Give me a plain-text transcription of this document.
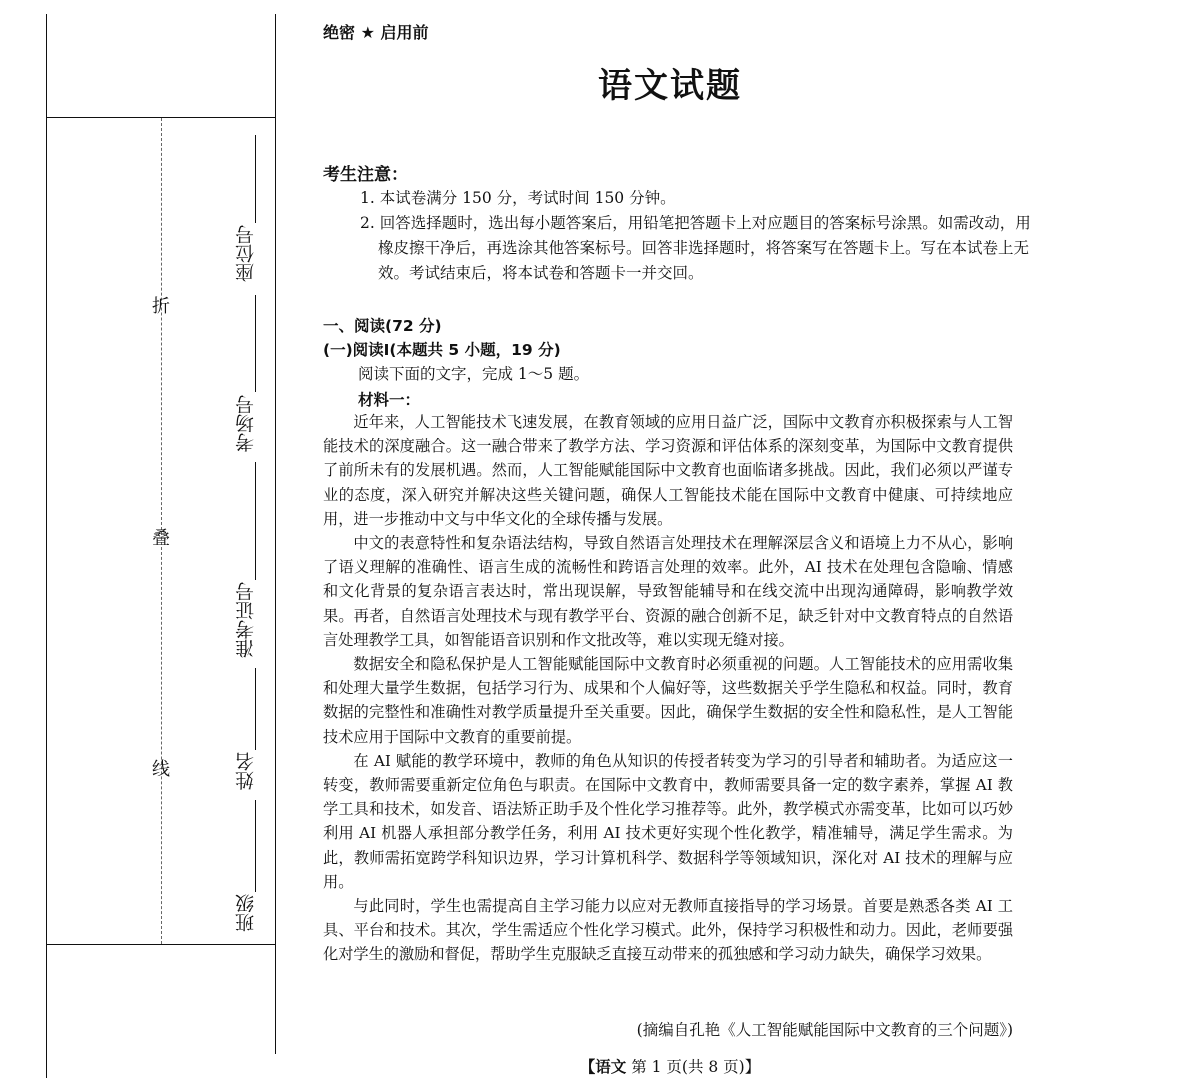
折
叠
线
座位号
考场号
准考证号
姓名
班级
绝密 ★ 启用前
语文试题
考生注意：
1. 本试卷满分 150 分，考试时间 150 分钟。
2. 回答选择题时，选出每小题答案后，用铅笔把答题卡上对应题目的答案标号涂黑。如需改动，用橡皮擦干净后，再选涂其他答案标号。回答非选择题时，将答案写在答题卡上。写在本试卷上无效。考试结束后，将本试卷和答题卡一并交回。
一、阅读(72 分)
(一)阅读Ⅰ(本题共 5 小题，19 分)
阅读下面的文字，完成 1～5 题。
材料一：

近年来，人工智能技术飞速发展，在教育领域的应用日益广泛，国际中文教育亦积极探索与人工智能技术的深度融合。这一融合带来了教学方法、学习资源和评估体系的深刻变革，为国际中文教育提供了前所未有的发展机遇。然而，人工智能赋能国际中文教育也面临诸多挑战。因此，我们必须以严谨专业的态度，深入研究并解决这些关键问题，确保人工智能技术能在国际中文教育中健康、可持续地应用，进一步推动中文与中华文化的全球传播与发展。

中文的表意特性和复杂语法结构，导致自然语言处理技术在理解深层含义和语境上力不从心，影响了语义理解的准确性、语言生成的流畅性和跨语言处理的效率。此外，AI 技术在处理包含隐喻、情感和文化背景的复杂语言表达时，常出现误解，导致智能辅导和在线交流中出现沟通障碍，影响教学效果。再者，自然语言处理技术与现有教学平台、资源的融合创新不足，缺乏针对中文教育特点的自然语言处理教学工具，如智能语音识别和作文批改等，难以实现无缝对接。

数据安全和隐私保护是人工智能赋能国际中文教育时必须重视的问题。人工智能技术的应用需收集和处理大量学生数据，包括学习行为、成果和个人偏好等，这些数据关乎学生隐私和权益。同时，教育数据的完整性和准确性对教学质量提升至关重要。因此，确保学生数据的安全性和隐私性，是人工智能技术应用于国际中文教育的重要前提。

在 AI 赋能的教学环境中，教师的角色从知识的传授者转变为学习的引导者和辅助者。为适应这一转变，教师需要重新定位角色与职责。在国际中文教育中，教师需要具备一定的数字素养，掌握 AI 教学工具和技术，如发音、语法矫正助手及个性化学习推荐等。此外，教学模式亦需变革，比如可以巧妙利用 AI 机器人承担部分教学任务，利用 AI 技术更好实现个性化教学，精准辅导，满足学生需求。为此，教师需拓宽跨学科知识边界，学习计算机科学、数据科学等领域知识，深化对 AI 技术的理解与应用。

与此同时，学生也需提高自主学习能力以应对无教师直接指导的学习场景。首要是熟悉各类 AI 工具、平台和技术。其次，学生需适应个性化学习模式。此外，保持学习积极性和动力。因此，老师要强化对学生的激励和督促，帮助学生克服缺乏直接互动带来的孤独感和学习动力缺失，确保学习效果。

(摘编自孔艳《人工智能赋能国际中文教育的三个问题》)
【语文 第 1 页(共 8 页)】
